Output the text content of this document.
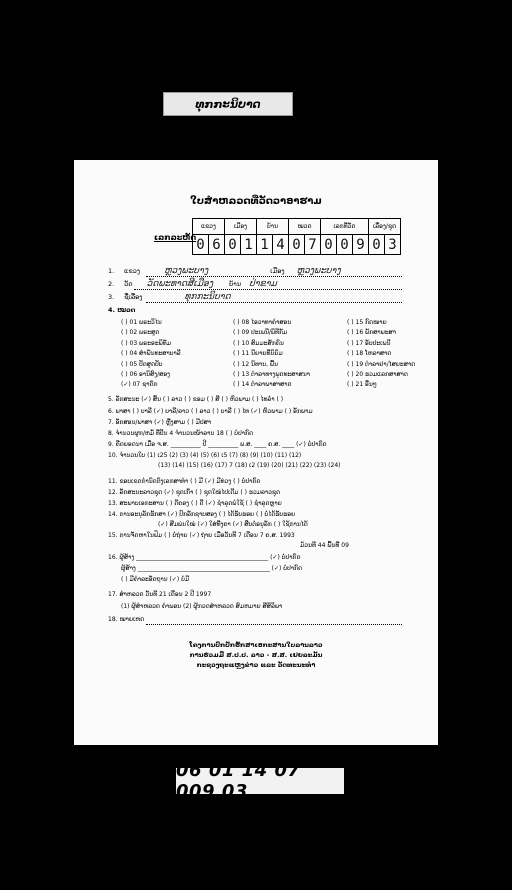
ທຸກກະນິບາດ
ໃບສຳຫລວດທີ່ວັດວາອາຮາມ
ເລກລະຫັດ
ແຂວງ		ເມືອງ		ບ້ານ		ໝວດ		ເລກທີ່ວັດ			ເລື່ອງ/ຊຸດ	
0	6	0	1	1	4	0	7	0	0	9	0	3
1. ແຂວງ	ຫຼວງພະບາງ	ເມືອງ ຫຼວງພະບາງ
2. ວັດ ວັດພະທາດສີເມືອງ ບ້ານ ປ່າຂາມ
3. ຊື່ເລື່ອງ	ທຸກກະນິບາດ
4. ໝວດ
( ) 01 ພຣະວິໄນ
( ) 02 ພຣະສູດ
( ) 03 ພຣະອະພິທັມ
( ) 04 ສຳພັນທະສາບາລີ
( ) 05 ປັດສູດປັບ
( ) 06 ອານິສົງ/ສອງ
(✓) 07 ຊາດົກ
( ) 08 ໄອວາທາຄຳສອນ
( ) 09 ປະເພນີ/ພິທີກັມ
( ) 10 ສົມມະສັກຄົນ
( ) 11 ນີຍາຍທີ່ນິຍົມ
( ) 12 ນິທານ, ພື້ນ
( ) 13 ຕຳລາທາງພຸດທະສາສນາ
( ) 14 ຕຳລາພາສາສາດ
( ) 15 ກົດໝາຍ
( ) 16 ພັກສາພະສາ
( ) 17 ອັບປະເພນີ
( ) 18 ໂຫລາສາດ
( ) 19 ຕຳລາຢາ/ໄສຍະສາດ
( ) 20 ຮວມແລກສາສາດ
( ) 21 ອື່ນໆ
5. ລັກສະນະ (✓) ສິ້ນ ( ) ລາວ ( ) ຂອມ ( ) ສີ ( ) ຫົວພາມ ( ) ໄທລ໋າ ( )
6. ພາສາ ( ) ບາລີ (✓) ບາລີ/ລາວ ( ) ລາວ ( ) ບາລີ ( ) ໄທ (✓) ຫົວພາມ ( ) ອັກພາມ
7. ອັກສອນ/ພາສາ (✓) ຫຼີ່ງສາມ ( ) ມີປສາ
8. ຈຳນວນຜູກ/ຫມໍ້ ທີ່ປັນ 4 ຈຳນວນໜ້າລານ 18 ( ) ບໍ່ປາກົດ
9. ຄືດຍອດນາ ເມື່ອ ຈ.ສ. __________ ປີ __________ ພ.ສ. ____ ຄ.ສ. ____ (✓) ບໍ່ປາກົດ
10. ຈຳນວນໃບ (1) ເ25 (2) (3) (4) (5) (6) ເ5 (7) (8) (9) (10) (11) (12)
(13) (14) (15) (16) (17) 7 (18) ເ2 (19) (20) (21) (22) (23) (24)
11. ຂອບເຂດກຳນົດຕົງເລກສາທຳ ( ) ມີ (✓) ມີທ່ວງ ( ) ບໍ່ປາກົດ
12. ລັກສະນະລາວຊຸດ (✓) ຊຸດເກົ່າ ( ) ຊຸດໃໝ່ໄປເດີມ ( ) ຮວມລາວຊຸດ
13. ສະພາບເອກະສານ ( ) ດີຄອງ ( ) ດີ (✓) ຊຳລຸດພໍໃຊ້ ( ) ຊຳລຸດຫຼາຍ
14. ການອະນຸລັກຮັກສາ (✓) ປົກລັກຊາບສອງ ( ) ໄດ້ຮັບຮອຍ ( ) ບໍ່ໄດ້ຮັບຮອຍ
(✓) ສີມພ່ນໃໝ່ (✓) ໃສ່ທີ່ງຄາ (✓) ສືບຕໍ່ອນຸລັກ ( ) ໃຊ້ການໄດ້
15. ການຈັດຫາໃນຟິມ ( ) ບໍ່ຖ່າຍ (✓) ຖ່າຍ ເມື່ອວັນທີ 7 ເດືອນ 7 ຄ.ສ. 1993
ມ້ວນທີ 44 ພື້ນທີ່ 09
16. ຜູ້ສ້າງ ____________________________________________ (✓) ບໍ່ປາກົດ
ຜູ້ສ້າງ ____________________________________________ (✓) ບໍ່ປາກົດ
( ) ມີຄຳລະອັດຖານ (✓) ບໍ່ມີ
17. ສຳຫລວດ ວັນທີ 21 ເດືອນ 2 ປີ 1997
(1) ຜູ້ສຳຫລວດ ຄຳພອນ (2) ຜູ້ກວດສຳຫລວດ ສົມຫມາຍ ສີສິລິພາ
18. ໝາຍເຫດ
ໂຄງການປົກປັກຮັກສາເອກະສານໃບລານລາວ
ການຮ່ວມມື ສ.ປ.ປ. ລາວ - ສ.ສ. ເຢຍລະມັນ
ກະຊວງຖະແຫຼງຂ່າວ ແລະ ວັດທະນະທຳ
06 01 14 07 009 03
